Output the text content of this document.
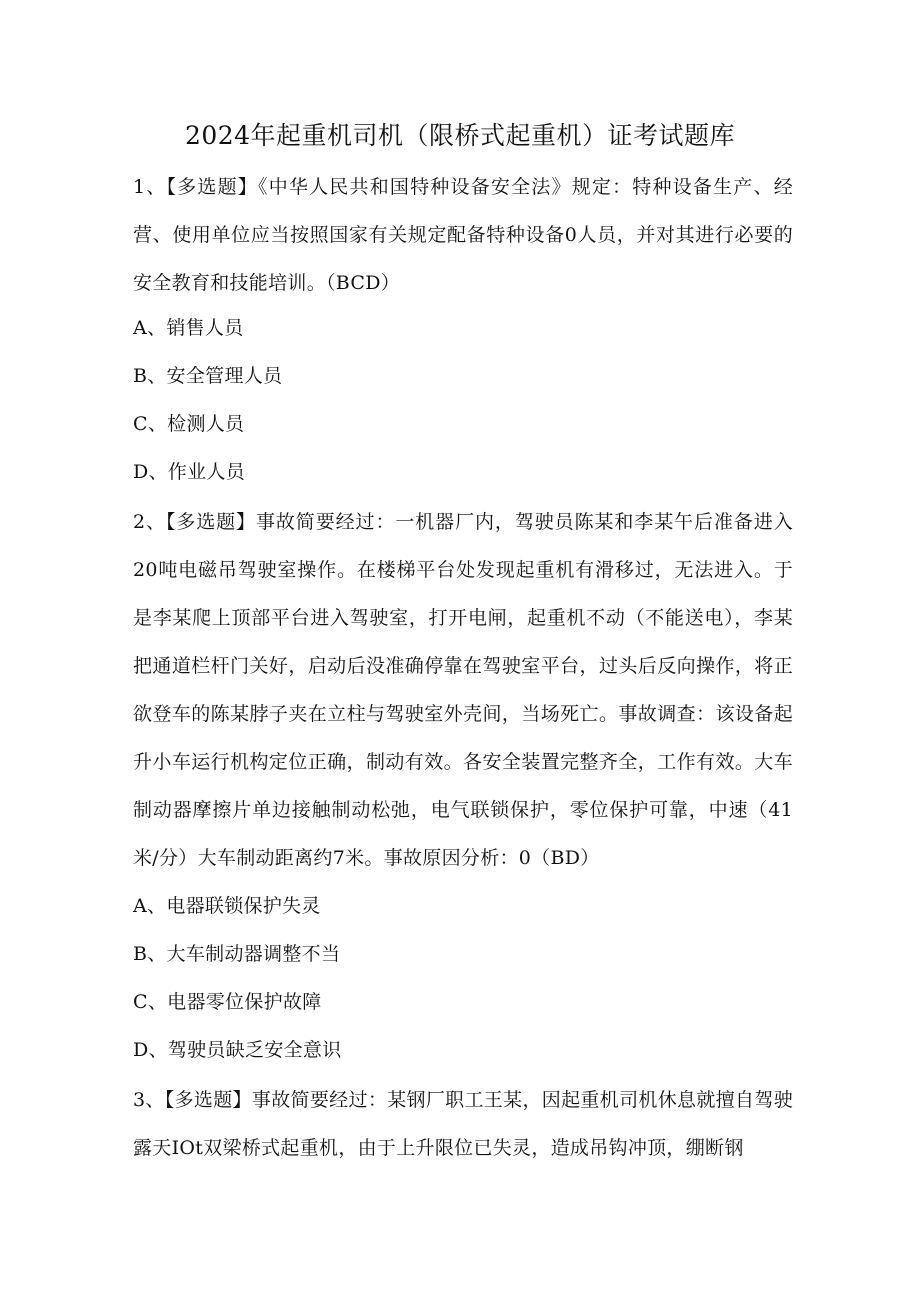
2024年起重机司机（限桥式起重机）证考试题库

1、【多选题】《中华人民共和国特种设备安全法》规定：特种设备生产、经营、使用单位应当按照国家有关规定配备特种设备0人员，并对其进行必要的安全教育和技能培训。（BCD）

A、销售人员
B、安全管理人员
C、检测人员
D、作业人员

2、【多选题】事故简要经过：一机器厂内，驾驶员陈某和李某午后准备进入20吨电磁吊驾驶室操作。在楼梯平台处发现起重机有滑移过，无法进入。于是李某爬上顶部平台进入驾驶室，打开电闸，起重机不动（不能送电），李某把通道栏杆门关好，启动后没准确停靠在驾驶室平台，过头后反向操作，将正欲登车的陈某脖子夹在立柱与驾驶室外壳间，当场死亡。事故调查：该设备起升小车运行机构定位正确，制动有效。各安全装置完整齐全，工作有效。大车制动器摩擦片单边接触制动松弛，电气联锁保护，零位保护可靠，中速（41米/分）大车制动距离约7米。事故原因分析：0（BD）

A、电器联锁保护失灵
B、大车制动器调整不当
C、电器零位保护故障
D、驾驶员缺乏安全意识

3、【多选题】事故简要经过：某钢厂职工王某，因起重机司机休息就擅自驾驶露天IOt双梁桥式起重机，由于上升限位已失灵，造成吊钩冲顶，绷断钢
